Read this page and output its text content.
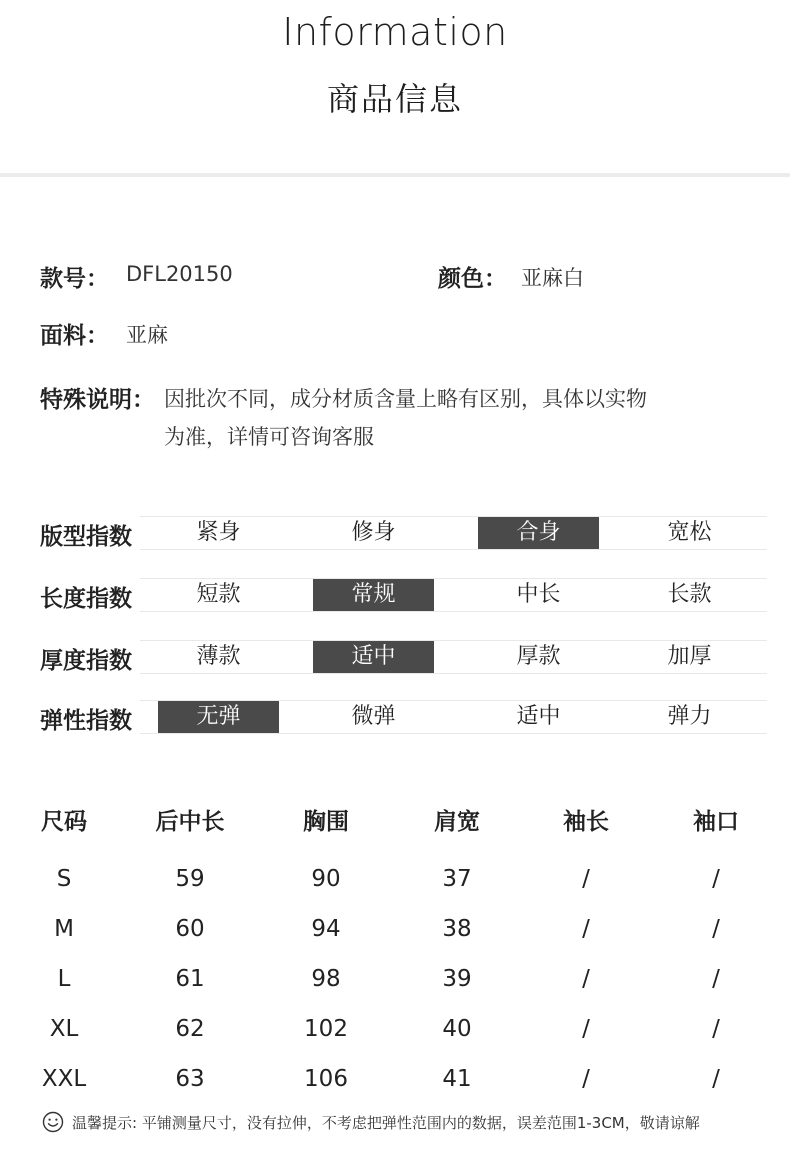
Information
商品信息
款号： DFL20150	颜色： 亚麻白
面料： 亚麻
特殊说明： 因批次不同，成分材质含量上略有区别，具体以实物
为准，详情可咨询客服
版型指数	紧身	修身	合身	宽松
长度指数	短款	常规	中长	长款
厚度指数	薄款	适中	厚款	加厚
弹性指数	无弹	微弹	适中	弹力
尺码	后中长	胸围	肩宽	袖长	袖口
S	59	90	37	/	/
M	60	94	38	/	/
L	61	98	39	/	/
XL	62	102	40	/	/
XXL	63	106	41	/	/
温馨提示: 平铺测量尺寸，没有拉伸，不考虑把弹性范围内的数据，误差范围1-3CM，敬请谅解
